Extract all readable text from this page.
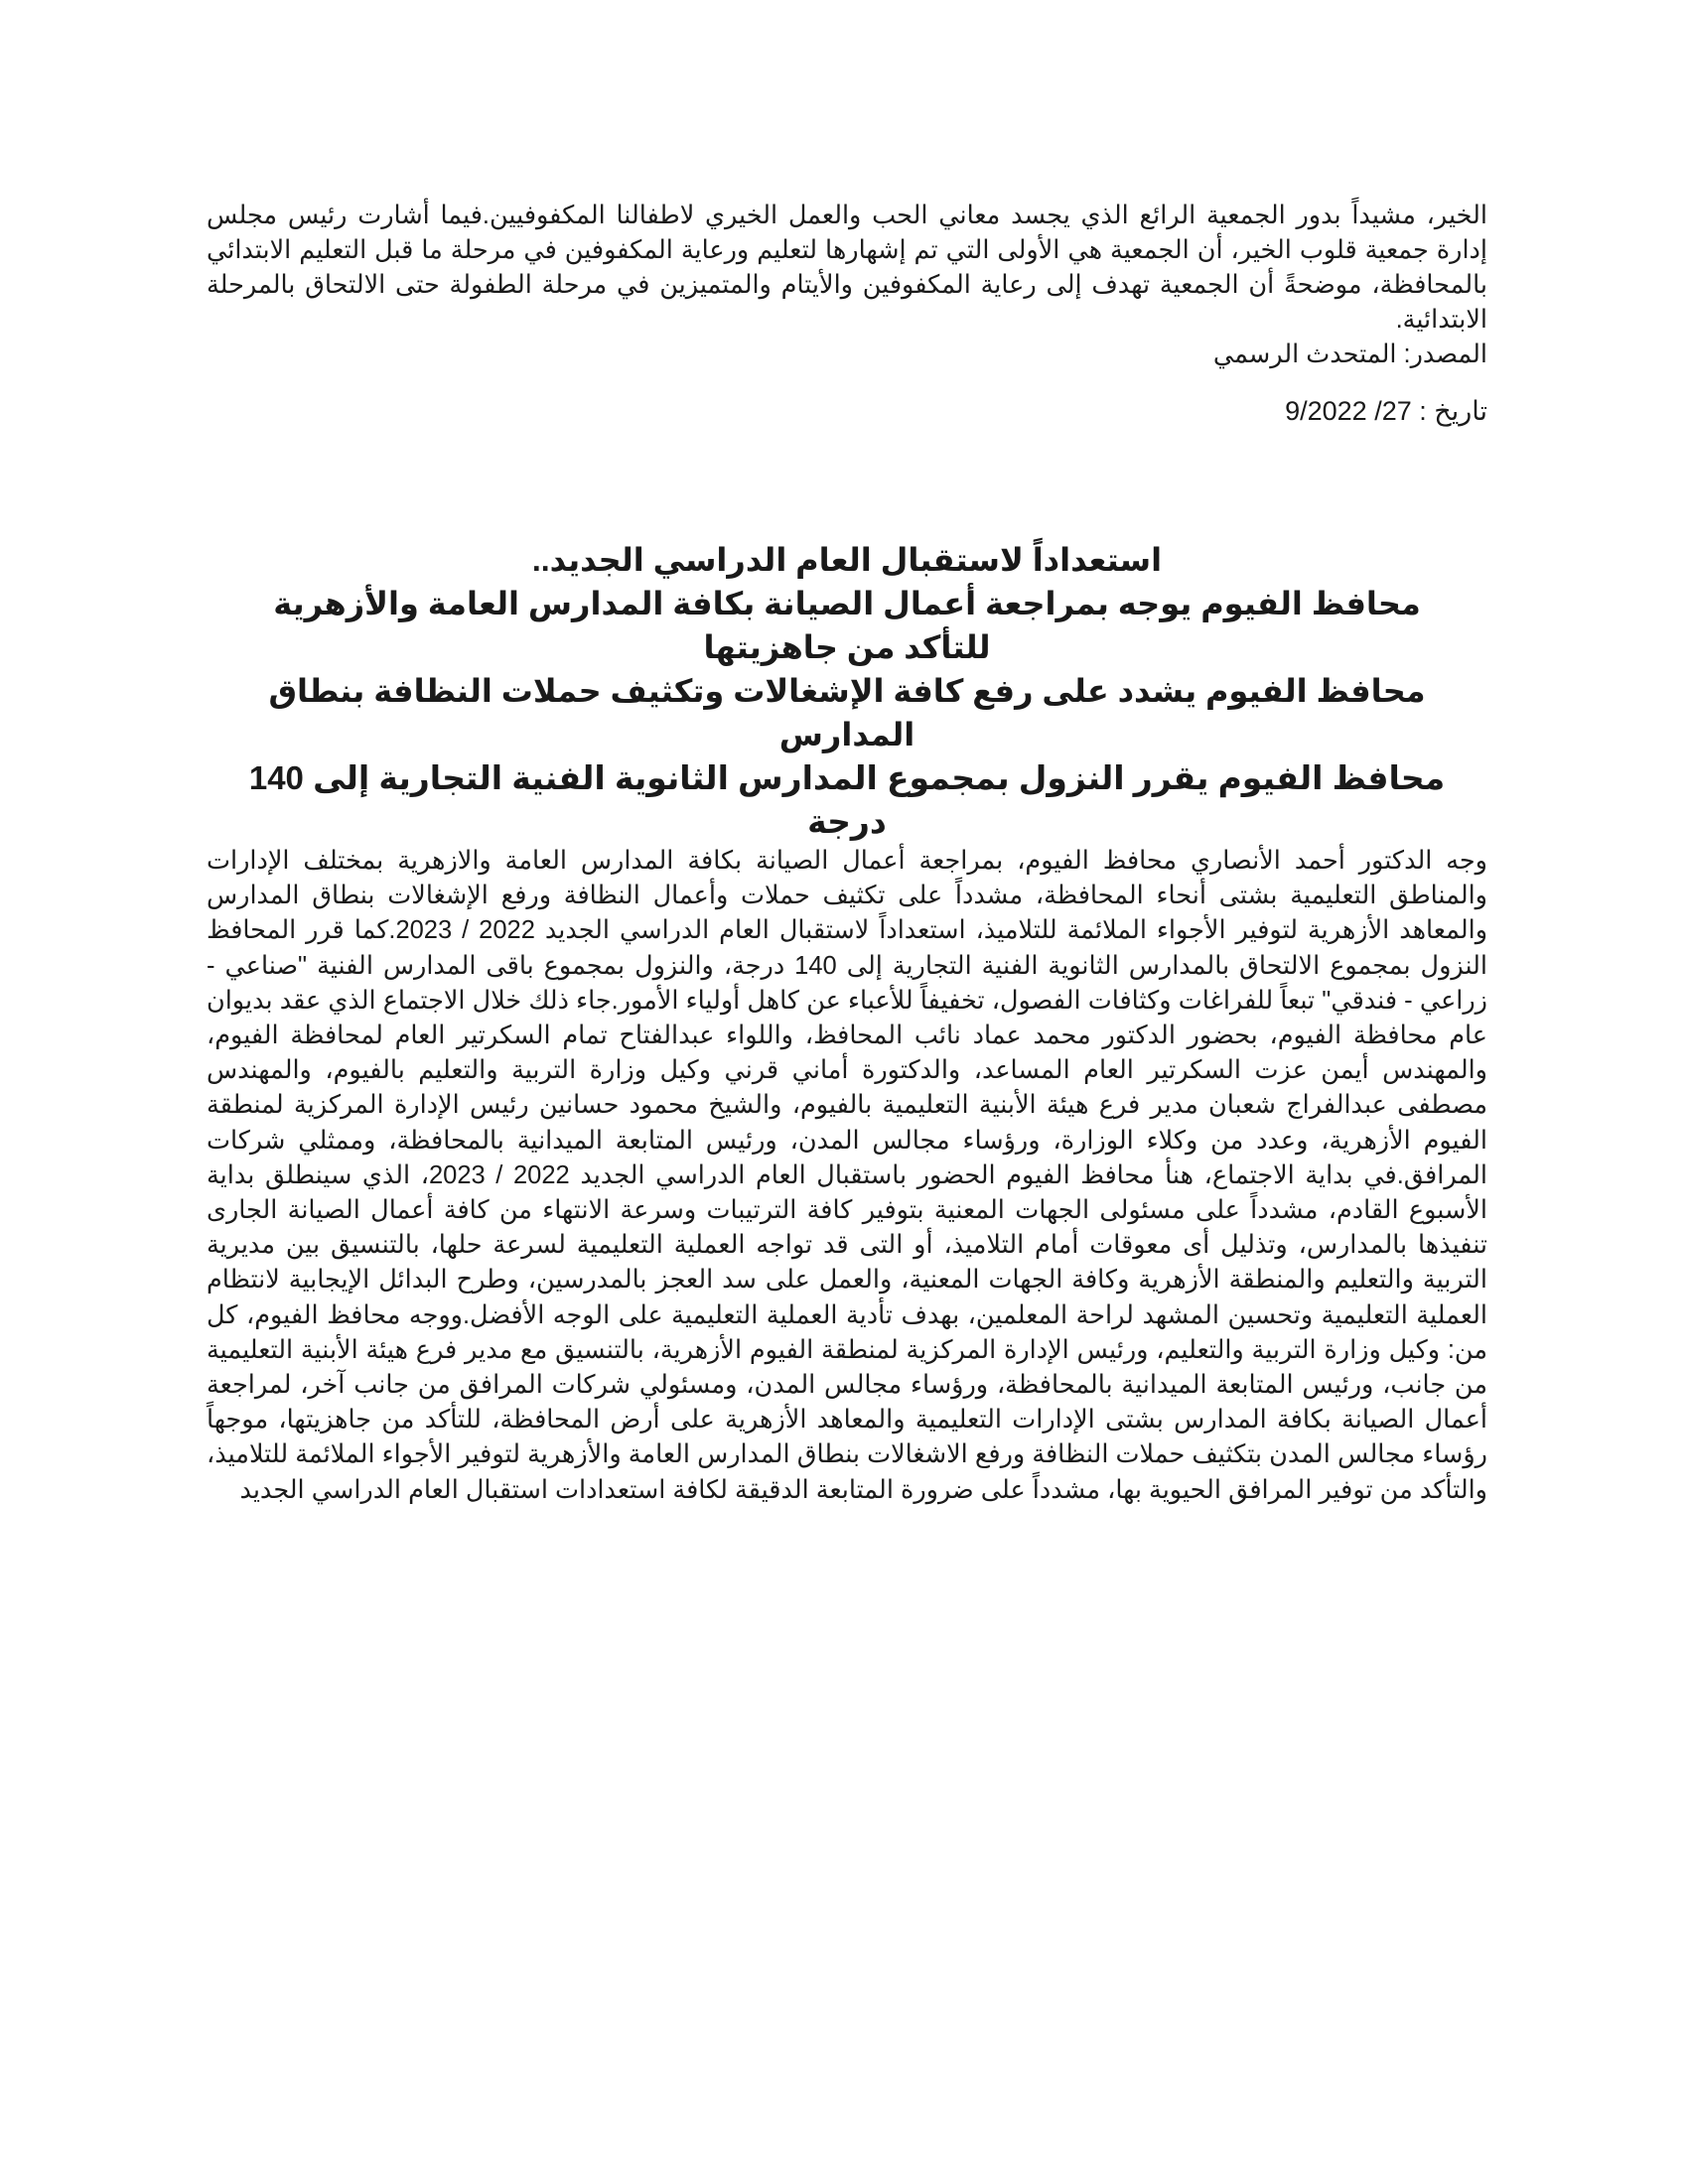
الخير، مشيداً بدور الجمعية الرائع الذي يجسد معاني الحب والعمل الخيري لاطفالنا المكفوفيين.فيما أشارت رئيس مجلس إدارة جمعية قلوب الخير، أن الجمعية هي الأولى التي تم إشهارها لتعليم ورعاية المكفوفين في مرحلة ما قبل التعليم الابتدائي بالمحافظة، موضحةً أن الجمعية تهدف إلى رعاية المكفوفين والأيتام والمتميزين في مرحلة الطفولة حتى الالتحاق بالمرحلة الابتدائية.

المصدر: المتحدث الرسمي

تاريخ : 27/ 9/2022

استعداداً لاستقبال العام الدراسي الجديد..

محافظ الفيوم يوجه بمراجعة أعمال الصيانة بكافة المدارس العامة والأزهرية للتأكد من جاهزيتها

محافظ الفيوم يشدد على رفع كافة الإشغالات وتكثيف حملات النظافة بنطاق المدارس

محافظ الفيوم يقرر النزول بمجموع المدارس الثانوية الفنية التجارية إلى 140 درجة

وجه الدكتور أحمد الأنصاري محافظ الفيوم، بمراجعة أعمال الصيانة بكافة المدارس العامة والازهرية بمختلف الإدارات والمناطق التعليمية بشتى أنحاء المحافظة، مشدداً على تكثيف حملات وأعمال النظافة ورفع الإشغالات بنطاق المدارس والمعاهد الأزهرية لتوفير الأجواء الملائمة للتلاميذ، استعداداً لاستقبال العام الدراسي الجديد 2022 / 2023.كما قرر المحافظ النزول بمجموع الالتحاق بالمدارس الثانوية الفنية التجارية إلى 140 درجة، والنزول بمجموع باقى المدارس الفنية "صناعي - زراعي - فندقي" تبعاً للفراغات وكثافات الفصول، تخفيفاً للأعباء عن كاهل أولياء الأمور.جاء ذلك خلال الاجتماع الذي عقد بديوان عام محافظة الفيوم، بحضور الدكتور محمد عماد نائب المحافظ، واللواء عبدالفتاح تمام السكرتير العام لمحافظة الفيوم، والمهندس أيمن عزت السكرتير العام المساعد، والدكتورة أماني قرني وكيل وزارة التربية والتعليم بالفيوم، والمهندس مصطفى عبدالفراج شعبان مدير فرع هيئة الأبنية التعليمية بالفيوم، والشيخ محمود حسانين رئيس الإدارة المركزية لمنطقة الفيوم الأزهرية، وعدد من وكلاء الوزارة، ورؤساء مجالس المدن، ورئيس المتابعة الميدانية بالمحافظة، وممثلي شركات المرافق.في بداية الاجتماع، هنأ محافظ الفيوم الحضور باستقبال العام الدراسي الجديد 2022 / 2023، الذي سينطلق بداية الأسبوع القادم، مشدداً على مسئولى الجهات المعنية بتوفير كافة الترتيبات وسرعة الانتهاء من كافة أعمال الصيانة الجارى تنفيذها بالمدارس، وتذليل أى معوقات أمام التلاميذ، أو التى قد تواجه العملية التعليمية لسرعة حلها، بالتنسيق بين مديرية التربية والتعليم والمنطقة الأزهرية وكافة الجهات المعنية، والعمل على سد العجز بالمدرسين، وطرح البدائل الإيجابية لانتظام العملية التعليمية وتحسين المشهد لراحة المعلمين، بهدف تأدية العملية التعليمية على الوجه الأفضل.ووجه محافظ الفيوم، كل من: وكيل وزارة التربية والتعليم، ورئيس الإدارة المركزية لمنطقة الفيوم الأزهرية، بالتنسيق مع مدير فرع هيئة الأبنية التعليمية من جانب، ورئيس المتابعة الميدانية بالمحافظة، ورؤساء مجالس المدن، ومسئولي شركات المرافق من جانب آخر، لمراجعة أعمال الصيانة بكافة المدارس بشتى الإدارات التعليمية والمعاهد الأزهرية على أرض المحافظة، للتأكد من جاهزيتها، موجهاً رؤساء مجالس المدن بتكثيف حملات النظافة ورفع الاشغالات بنطاق المدارس العامة والأزهرية لتوفير الأجواء الملائمة للتلاميذ، والتأكد من توفير المرافق الحيوية بها، مشدداً على ضرورة المتابعة الدقيقة لكافة استعدادات استقبال العام الدراسي الجديد
